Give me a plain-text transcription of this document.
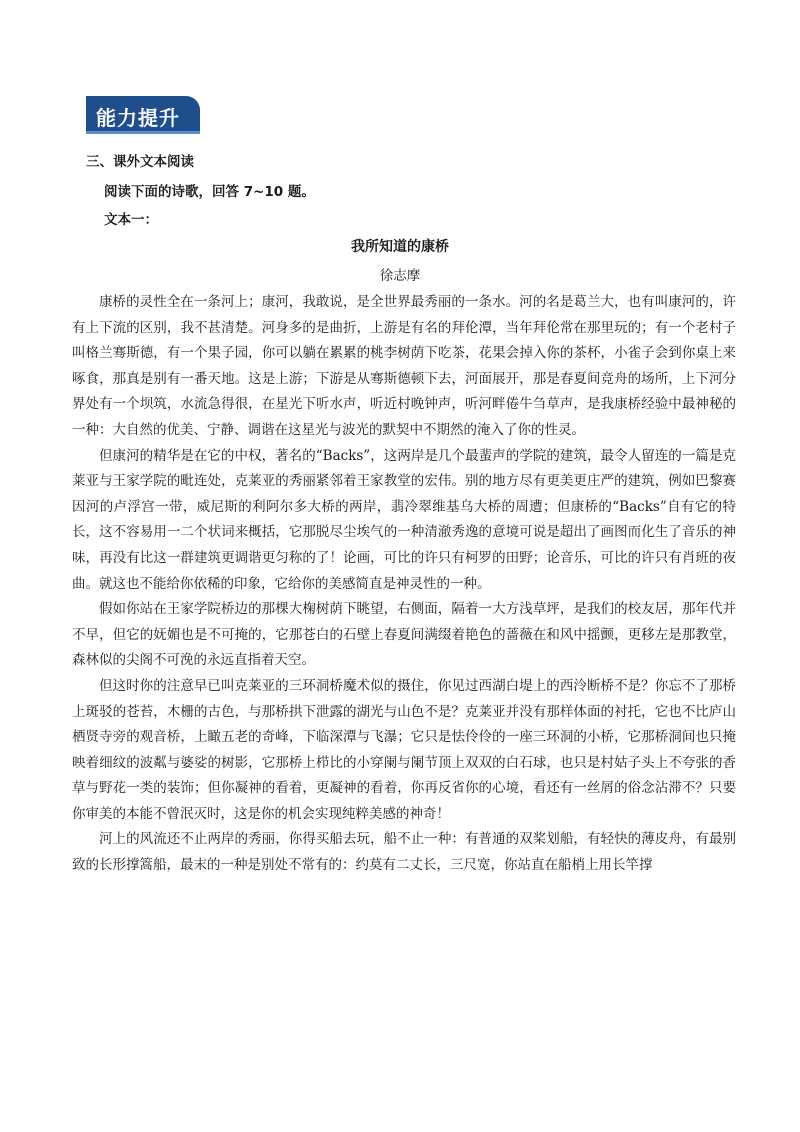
能力提升
三、课外文本阅读
阅读下面的诗歌，回答 7~10 题。
文本一：
我所知道的康桥
徐志摩

康桥的灵性全在一条河上；康河，我敢说，是全世界最秀丽的一条水。河的名是葛兰大，也有叫康河的，许有上下流的区别，我不甚清楚。河身多的是曲折，上游是有名的拜伦潭，当年拜伦常在那里玩的；有一个老村子叫格兰骞斯德，有一个果子园，你可以躺在累累的桃李树荫下吃茶，花果会掉入你的茶杯，小雀子会到你桌上来啄食，那真是别有一番天地。这是上游；下游是从骞斯德顿下去，河面展开，那是春夏间竞舟的场所，上下河分界处有一个坝筑，水流急得很，在星光下听水声，听近村晚钟声，听河畔倦牛刍草声，是我康桥经验中最神秘的一种：大自然的优美、宁静、调谐在这星光与波光的默契中不期然的淹入了你的性灵。

但康河的精华是在它的中权，著名的“Backs”，这两岸是几个最蜚声的学院的建筑，最令人留连的一篇是克莱亚与王家学院的毗连处，克莱亚的秀丽紧邻着王家教堂的宏伟。别的地方尽有更美更庄严的建筑，例如巴黎赛因河的卢浮宫一带，威尼斯的利阿尔多大桥的两岸，翡冷翠维基乌大桥的周遭；但康桥的“Backs”自有它的特长，这不容易用一二个状词来概括，它那脱尽尘埃气的一种清澈秀逸的意境可说是超出了画图而化生了音乐的神味，再没有比这一群建筑更调谐更匀称的了！论画，可比的许只有柯罗的田野；论音乐，可比的许只有肖班的夜曲。就这也不能给你依稀的印象，它给你的美感简直是神灵性的一种。

假如你站在王家学院桥边的那棵大椈树荫下眺望，右侧面，隔着一大方浅草坪，是我们的校友居，那年代并不早，但它的妩媚也是不可掩的，它那苍白的石壁上春夏间满缀着艳色的蔷薇在和风中摇颤，更移左是那教堂，森林似的尖阁不可浼的永远直指着天空。

但这时你的注意早已叫克莱亚的三环洞桥魔术似的摄住，你见过西湖白堤上的西泠断桥不是？你忘不了那桥上斑驳的苍苔，木栅的古色，与那桥拱下泄露的湖光与山色不是？克莱亚并没有那样体面的衬托，它也不比庐山栖贤寺旁的观音桥，上瞰五老的奇峰，下临深潭与飞瀑；它只是怯伶伶的一座三环洞的小桥，它那桥洞间也只掩映着细纹的波粼与婆娑的树影，它那桥上栉比的小穿阑与阑节顶上双双的白石球，也只是村姑子头上不夸张的香草与野花一类的装饰；但你凝神的看着，更凝神的看着，你再反省你的心境，看还有一丝屑的俗念沾滞不？只要你审美的本能不曾泯灭时，这是你的机会实现纯粹美感的神奇！

河上的风流还不止两岸的秀丽，你得买船去玩，船不止一种：有普通的双桨划船，有轻快的薄皮舟，有最别致的长形撑篙船，最末的一种是别处不常有的：约莫有二丈长，三尺宽，你站直在船梢上用长竿撑
